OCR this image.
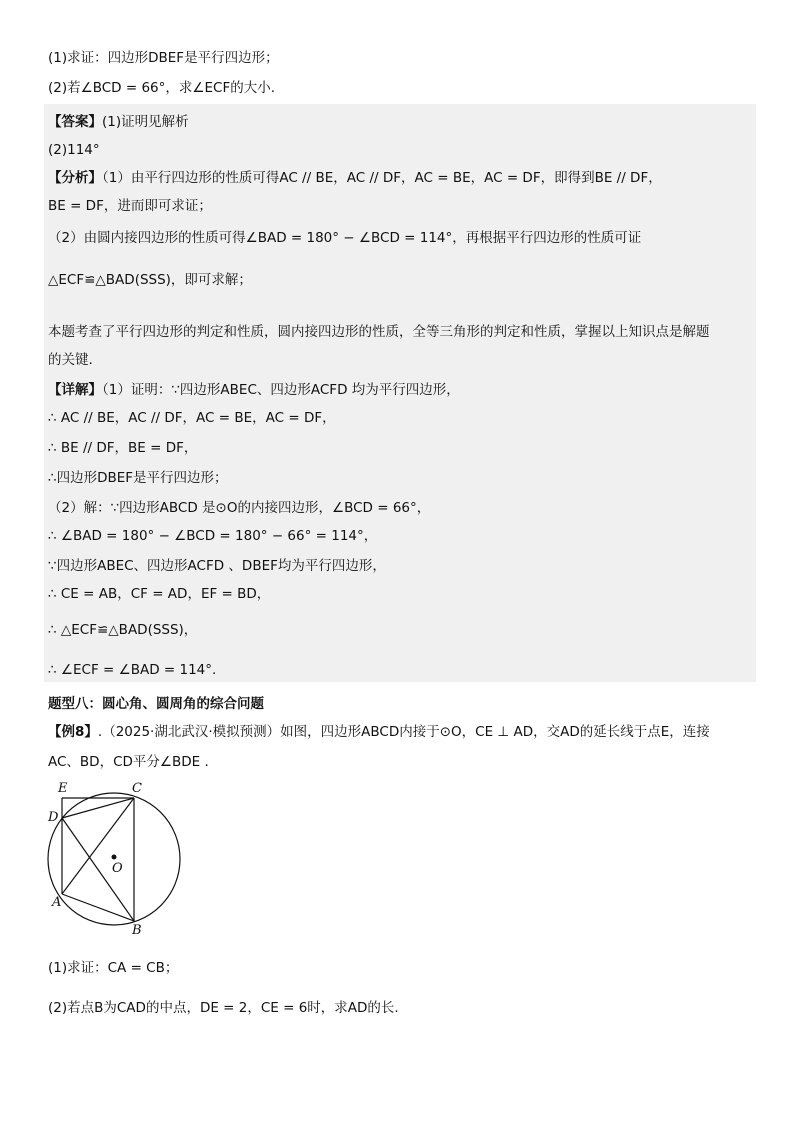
(1)求证：四边形DBEF是平行四边形；
(2)若∠BCD = 66°，求∠ECF的大小.
【答案】(1)证明见解析
(2)114°
【分析】（1）由平行四边形的性质可得AC // BE，AC // DF，AC = BE，AC = DF，即得到BE // DF，
BE = DF，进而即可求证；
（2）由圆内接四边形的性质可得∠BAD = 180° − ∠BCD = 114°，再根据平行四边形的性质可证
△ECF≌△BAD(SSS)，即可求解；
本题考查了平行四边形的判定和性质，圆内接四边形的性质，全等三角形的判定和性质，掌握以上知识点是解题
的关键.
【详解】（1）证明：∵四边形ABEC、四边形ACFD 均为平行四边形，
∴ AC // BE，AC // DF，AC = BE，AC = DF，
∴ BE // DF，BE = DF，
∴四边形DBEF是平行四边形；
（2）解：∵四边形ABCD 是⊙O的内接四边形，∠BCD = 66°，
∴ ∠BAD = 180° − ∠BCD = 180° − 66° = 114°，
∵四边形ABEC、四边形ACFD 、DBEF均为平行四边形，
∴ CE = AB，CF = AD，EF = BD，
∴ △ECF≌△BAD(SSS)，
∴ ∠ECF = ∠BAD = 114°.
题型八：圆心角、圆周角的综合问题
【例8】.（2025·湖北武汉·模拟预测）如图，四边形ABCD内接于⊙O，CE ⊥ AD，交AD的延长线于点E，连接
AC、BD，CD平分∠BDE .
E	C
D
O
A
B
(1)求证：CA = CB；
(2)若点B为CAD的中点，DE = 2，CE = 6时，求AD的长.
